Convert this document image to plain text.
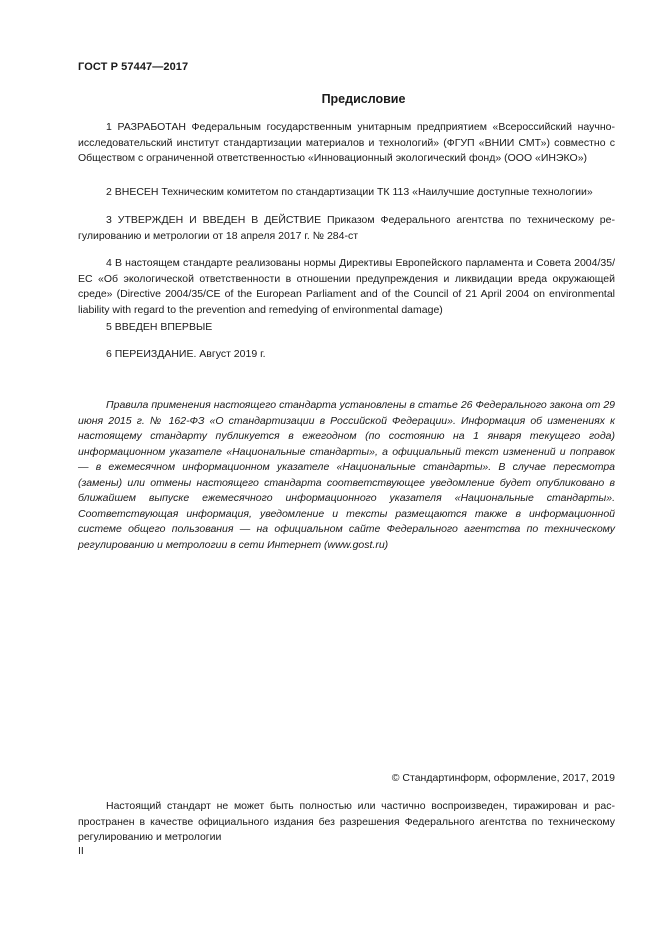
ГОСТ Р 57447—2017
Предисловие

1 РАЗРАБОТАН Федеральным государственным унитарным предприятием «Всероссийский научно-исследовательский институт стандартизации материалов и технологий» (ФГУП «ВНИИ СМТ») совместно с Обществом с ограниченной ответственностью «Инновационный экологический фонд» (ООО «ИНЭКО»)

2 ВНЕСЕН Техническим комитетом по стандартизации ТК 113 «Наилучшие доступные технологии»

3 УТВЕРЖДЕН И ВВЕДЕН В ДЕЙСТВИЕ Приказом Федерального агентства по техническому регулированию и метрологии от 18 апреля 2017 г. № 284-ст

4 В настоящем стандарте реализованы нормы Директивы Европейского парламента и Совета 2004/35/ЕС «Об экологической ответственности в отношении предупреждения и ликвидации вреда окружающей среде» (Directive 2004/35/CE of the European Parliament and of the Council of 21 April 2004 on environmental liability with regard to the prevention and remedying of environmental damage)

5 ВВЕДЕН ВПЕРВЫЕ

6 ПЕРЕИЗДАНИЕ. Август 2019 г.

Правила применения настоящего стандарта установлены в статье 26 Федерального закона от 29 июня 2015 г. № 162-ФЗ «О стандартизации в Российской Федерации». Информация об изменениях к настоящему стандарту публикуется в ежегодном (по состоянию на 1 января текущего года) информационном указателе «Национальные стандарты», а официальный текст изменений и поправок — в ежемесячном информационном указателе «Национальные стандарты». В случае пересмотра (замены) или отмены настоящего стандарта соответствующее уведомление будет опубликовано в ближайшем выпуске ежемесячного информационного указателя «Национальные стандарты». Соответствующая информация, уведомление и тексты размещаются также в информационной системе общего пользования — на официальном сайте Федерального агентства по техническому регулированию и метрологии в сети Интернет (www.gost.ru)

© Стандартинформ, оформление, 2017, 2019

Настоящий стандарт не может быть полностью или частично воспроизведен, тиражирован и распространен в качестве официального издания без разрешения Федерального агентства по техническому регулированию и метрологии

II
